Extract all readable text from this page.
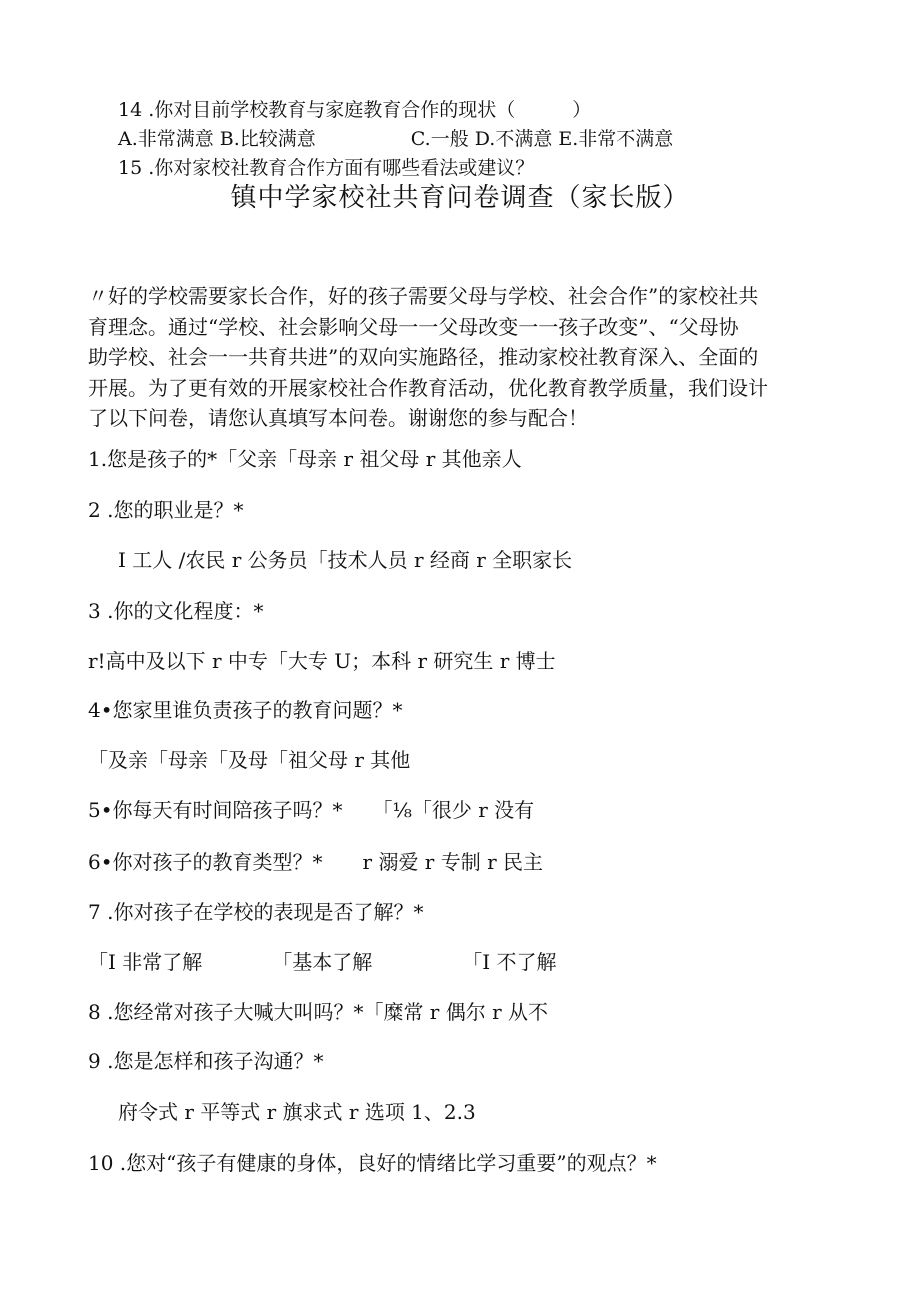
14 .你对目前学校教育与家庭教育合作的现状（　　　）
A.非常满意 B.比较满意　　　　　C.一般 D.不满意 E.非常不满意
15 .你对家校社教育合作方面有哪些看法或建议？
镇中学家校社共育问卷调查（家长版）
〃好的学校需要家长合作，好的孩子需要父母与学校、社会合作”的家校社共
育理念。通过“学校、社会影响父母一一父母改变一一孩子改变”、“父母协
助学校、社会一一共育共进”的双向实施路径，推动家校社教育深入、全面的
开展。为了更有效的开展家校社合作教育活动，优化教育教学质量，我们设计
了以下问卷，请您认真填写本问卷。谢谢您的参与配合！
1.您是孩子的*「父亲「母亲 r 祖父母 r 其他亲人
2 .您的职业是？*
I 工人 /农民 r 公务员「技术人员 r 经商 r 全职家长
3 .你的文化程度：*
r!高中及以下 r 中专「大专 U；本科 r 研究生 r 博士
4•您家里谁负责孩子的教育问题？*
「及亲「母亲「及母「祖父母 r 其他
5•你每天有时间陪孩子吗？*　　「⅛「很少 r 没有
6•你对孩子的教育类型？*　　r 溺爱 r 专制 r 民主
7 .你对孩子在学校的表现是否了解？*
「I 非常了解　　　　「基本了解　　　　　「I 不了解
8 .您经常对孩子大喊大叫吗？*「糜常 r 偶尔 r 从不
9 .您是怎样和孩子沟通？*
府令式 r 平等式 r 旗求式 r 选项 1、2.3
10 .您对“孩子有健康的身体，良好的情绪比学习重要”的观点？*
